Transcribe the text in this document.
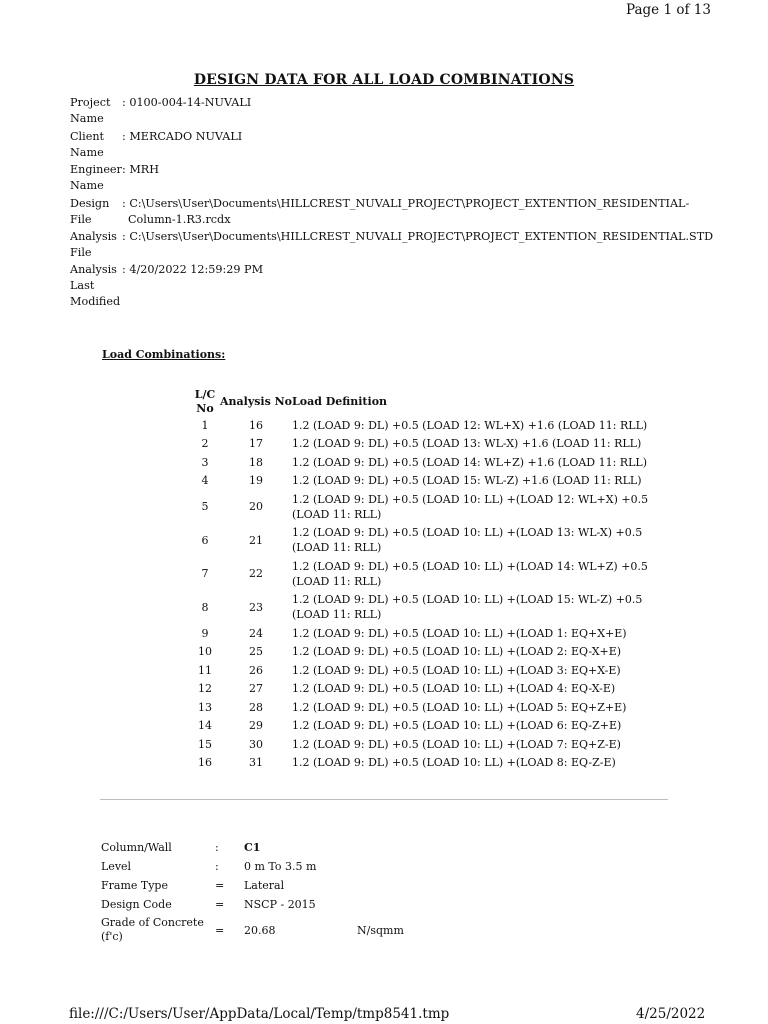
Page 1 of 13
DESIGN DATA FOR ALL LOAD COMBINATIONS
Project Name
: 0100-004-14-NUVALI
Client Name
: MERCADO NUVALI
Engineer Name
: MRH
Design File
: C:\Users\User\Documents\HILLCREST_NUVALI_PROJECT\PROJECT_EXTENTION_RESIDENTIAL-
Column-1.R3.rcdx
Analysis File
: C:\Users\User\Documents\HILLCREST_NUVALI_PROJECT\PROJECT_EXTENTION_RESIDENTIAL.STD
Analysis Last Modified
: 4/20/2022 12:59:29 PM
Load Combinations:
L/C No	Analysis No	Load Definition
1	16	1.2 (LOAD 9: DL) +0.5 (LOAD 12: WL+X) +1.6 (LOAD 11: RLL)
2	17	1.2 (LOAD 9: DL) +0.5 (LOAD 13: WL-X) +1.6 (LOAD 11: RLL)
3	18	1.2 (LOAD 9: DL) +0.5 (LOAD 14: WL+Z) +1.6 (LOAD 11: RLL)
4	19	1.2 (LOAD 9: DL) +0.5 (LOAD 15: WL-Z) +1.6 (LOAD 11: RLL)
5	20	1.2 (LOAD 9: DL) +0.5 (LOAD 10: LL) +(LOAD 12: WL+X) +0.5 (LOAD 11: RLL)
6	21	1.2 (LOAD 9: DL) +0.5 (LOAD 10: LL) +(LOAD 13: WL-X) +0.5 (LOAD 11: RLL)
7	22	1.2 (LOAD 9: DL) +0.5 (LOAD 10: LL) +(LOAD 14: WL+Z) +0.5 (LOAD 11: RLL)
8	23	1.2 (LOAD 9: DL) +0.5 (LOAD 10: LL) +(LOAD 15: WL-Z) +0.5 (LOAD 11: RLL)
9	24	1.2 (LOAD 9: DL) +0.5 (LOAD 10: LL) +(LOAD 1: EQ+X+E)
10	25	1.2 (LOAD 9: DL) +0.5 (LOAD 10: LL) +(LOAD 2: EQ-X+E)
11	26	1.2 (LOAD 9: DL) +0.5 (LOAD 10: LL) +(LOAD 3: EQ+X-E)
12	27	1.2 (LOAD 9: DL) +0.5 (LOAD 10: LL) +(LOAD 4: EQ-X-E)
13	28	1.2 (LOAD 9: DL) +0.5 (LOAD 10: LL) +(LOAD 5: EQ+Z+E)
14	29	1.2 (LOAD 9: DL) +0.5 (LOAD 10: LL) +(LOAD 6: EQ-Z+E)
15	30	1.2 (LOAD 9: DL) +0.5 (LOAD 10: LL) +(LOAD 7: EQ+Z-E)
16	31	1.2 (LOAD 9: DL) +0.5 (LOAD 10: LL) +(LOAD 8: EQ-Z-E)
Column/Wall	: C1
Level	: 0 m To 3.5 m
Frame Type	= Lateral
Design Code	= NSCP - 2015
Grade of Concrete (f'c)	= 20.68	N/sqmm
file:///C:/Users/User/AppData/Local/Temp/tmp8541.tmp	4/25/2022
